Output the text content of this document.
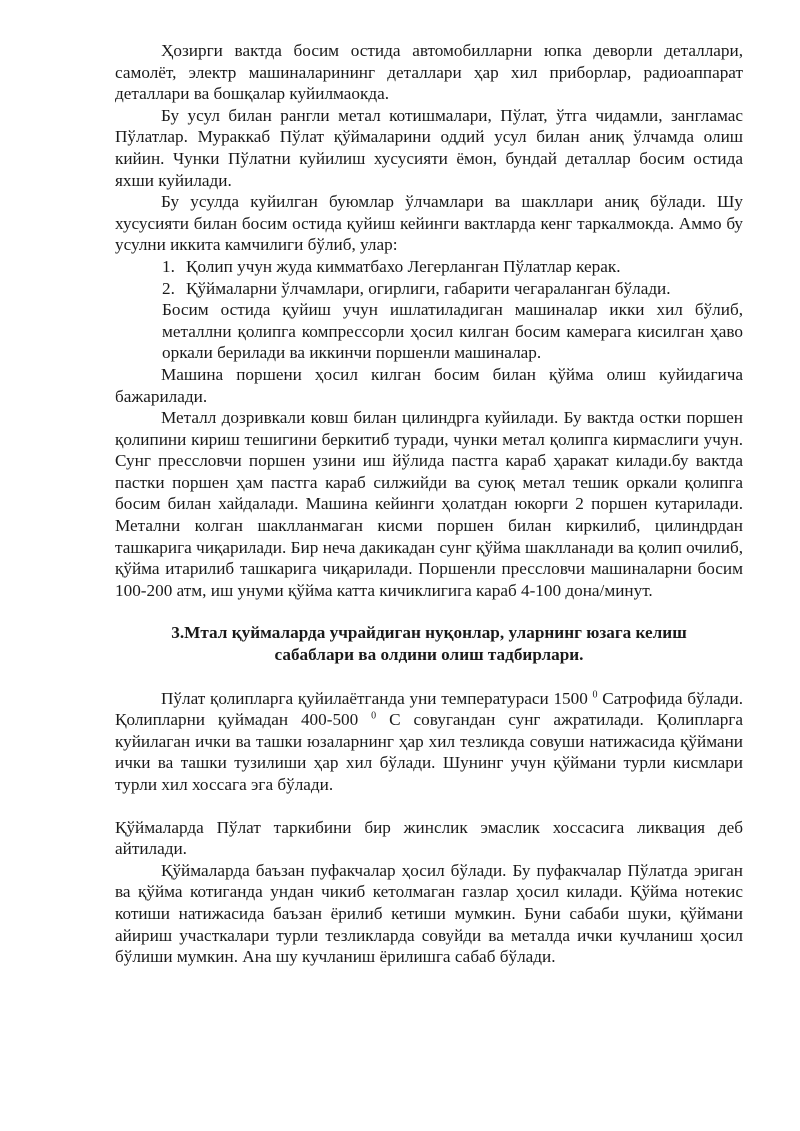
Ҳозирги вактда босим остида автомобилларни юпка деворли деталлари, самолёт, электр машиналарининг деталлари ҳар хил приборлар, радиоаппарат деталлари ва бошқалар куйилмаокда.

Бу усул билан рангли метал котишмалари, Пўлат, ўтга чидамли, зангламас Пўлатлар. Мураккаб Пўлат қўймаларини оддий усул билан аниқ ўлчамда олиш кийин. Чунки Пўлатни куйилиш хусусияти ёмон, бундай деталлар босим остида яхши куйилади.

Бу усулда куйилган буюмлар ўлчамлари ва шакллари аниқ бўлади. Шу хусусияти билан босим остида қуйиш кейинги вактларда кенг таркалмокда. Аммо бу усулни иккита камчилиги бўлиб, улар:

1. Қолип учун жуда кимматбахо Легерланган Пўлатлар керак.
2. Қўймаларни ўлчамлари, огирлиги, габарити чегараланган бўлади.

Босим остида қуйиш учун ишлатиладиган машиналар икки хил бўлиб, металлни қолипга компрессорли ҳосил килган босим камерага кисилган ҳаво оркали берилади ва иккинчи поршенли машиналар.

Машина поршени ҳосил килган босим билан қўйма олиш куйидагича бажарилади.

Металл дозривкали ковш билан цилиндрга куйилади. Бу вактда остки поршен қолипини кириш тешигини беркитиб туради, чунки метал қолипга кирмаслиги учун. Сунг прессловчи поршен узини иш йўлида пастга караб ҳаракат килади.бу вактда пастки поршен ҳам пастга караб силжийди ва суюқ метал тешик оркали қолипга босим билан хайдалади. Машина кейинги ҳолатдан юкорги 2 поршен кутарилади. Метални колган шаклланмаган кисми поршен билан киркилиб, цилиндрдан ташкарига чиқарилади. Бир неча дакикадан сунг қўйма шаклланади ва қолип очилиб, қўйма итарилиб ташкарига чиқарилади. Поршенли прессловчи машиналарни босим 100-200 атм, иш унуми қўйма катта кичиклигига караб 4-100 дона/минут.

3.Мтал қуймаларда учрайдиган нуқонлар, уларнинг юзага келиш сабаблари ва олдини олиш тадбирлари.

Пўлат қолипларга қуйилаётганда уни температураси 1500 $^0$ Сатрофида бўлади. Қолипларни қуймадан 400-500 $^0$ С совугандан сунг ажратилади. Қолипларга куйилаган ички ва ташки юзаларнинг ҳар хил тезликда совуши натижасида қўймани ички ва ташки тузилиши ҳар хил бўлади. Шунинг учун қўймани турли кисмлари турли хил хоссага эга бўлади.

Қўймаларда Пўлат таркибини бир жинслик эмаслик хоссасига ликвация деб айтилади.

Қўймаларда баъзан пуфакчалар ҳосил бўлади. Бу пуфакчалар Пўлатда эриган ва қўйма котиганда ундан чикиб кетолмаган газлар ҳосил килади. Қўйма нотекис котиши натижасида баъзан ёрилиб кетиши мумкин. Буни сабаби шуки, қўймани айириш участкалари турли тезликларда совуйди ва металда ички кучланиш ҳосил бўлиши мумкин. Ана шу кучланиш ёрилишга сабаб бўлади.
